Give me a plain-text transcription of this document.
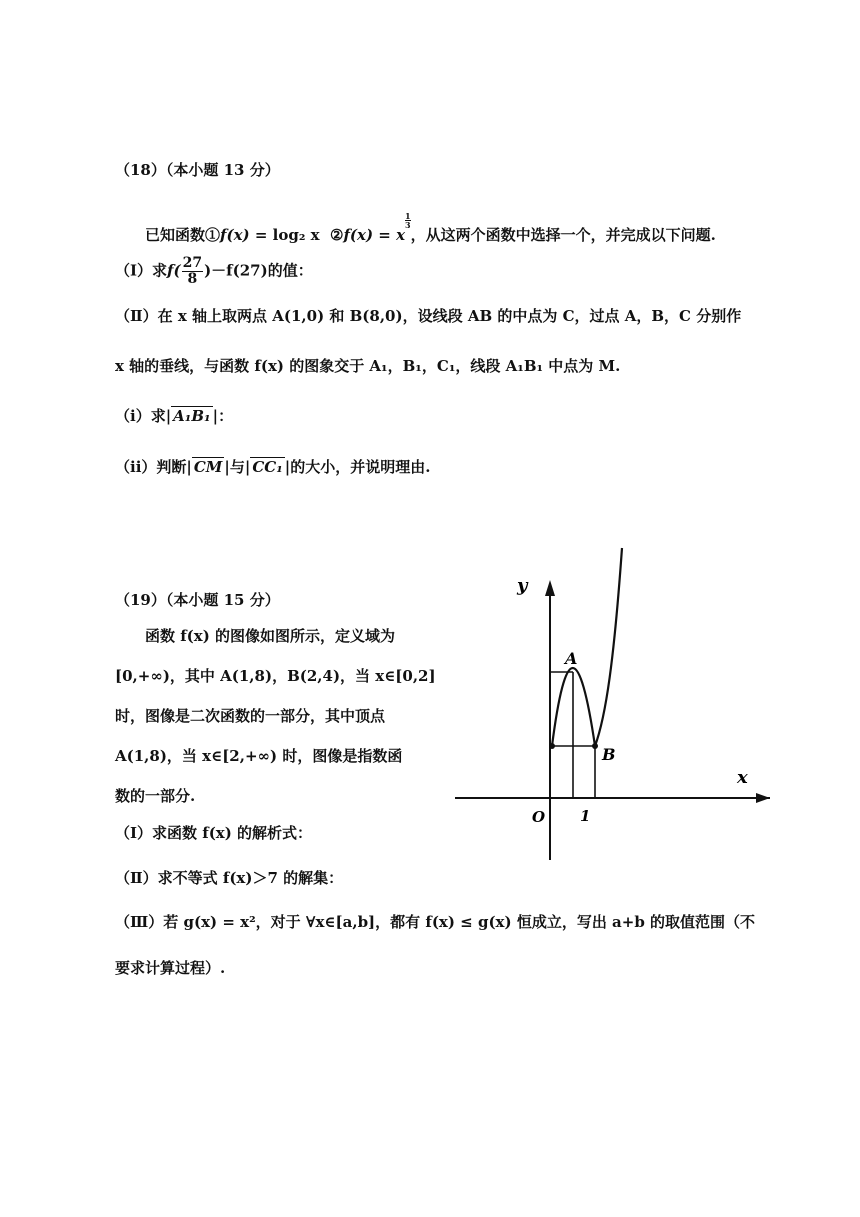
（18）（本小题 13 分）
已知函数①f(x) = log₂ x ②f(x) = x
$\frac{1}{3}$
，从这两个函数中选择一个，并完成以下问题.
（Ⅰ）求$f( \frac{27}{8} )-f(27)$的值：
（Ⅱ）在 x 轴上取两点 A(1,0) 和 B(8,0)，设线段 AB 的中点为 C，过点 A，B，C 分别作
x 轴的垂线，与函数 f(x) 的图象交于 A₁，B₁，C₁，线段 A₁B₁ 中点为 M.
（i）求| A₁B₁ |：
（ii）判断| CM |与| CC₁ |的大小，并说明理由.
（19）（本小题 15 分）
函数 f(x) 的图像如图所示，定义域为
[0,+∞)，其中 A(1,8)，B(2,4)，当 x∈[0,2]
时，图像是二次函数的一部分，其中顶点
A(1,8)，当 x∈[2,+∞) 时，图像是指数函
数的一部分.
（Ⅰ）求函数 f(x) 的解析式：
（Ⅱ）求不等式 f(x)＞7 的解集：
（Ⅲ）若 g(x) = x²，对于 ∀x∈[a,b]，都有 f(x) ≤ g(x) 恒成立，写出 a+b 的取值范围（不
要求计算过程）.
y
x
O 1
A
B
